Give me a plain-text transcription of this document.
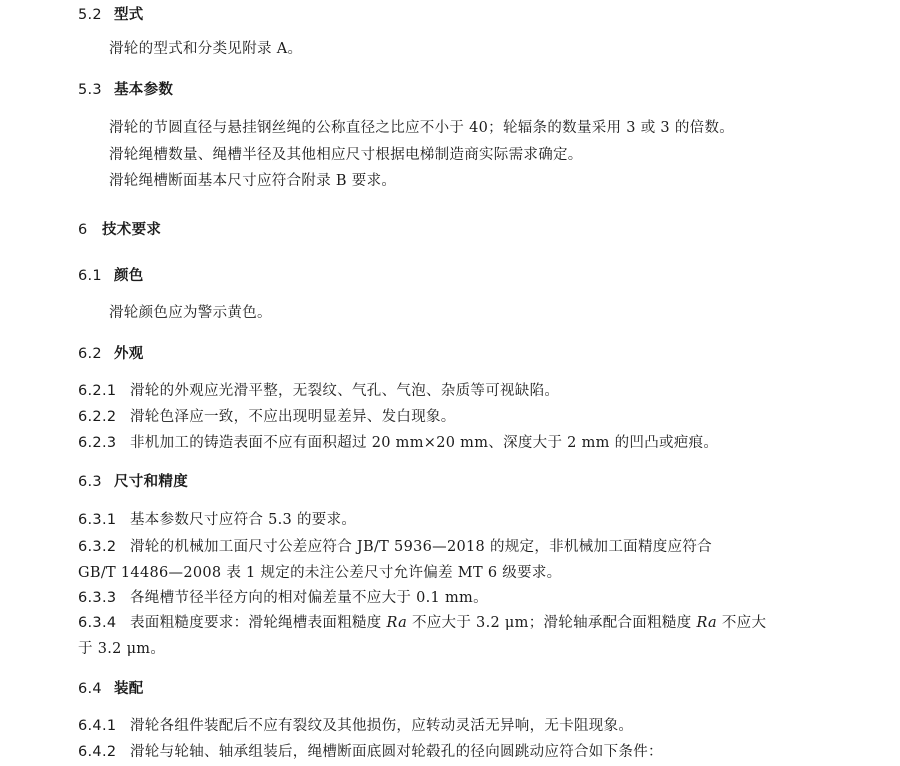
5.2 型式
滑轮的型式和分类见附录 A。
5.3 基本参数
滑轮的节圆直径与悬挂钢丝绳的公称直径之比应不小于 40；轮辐条的数量采用 3 或 3 的倍数。
滑轮绳槽数量、绳槽半径及其他相应尺寸根据电梯制造商实际需求确定。
滑轮绳槽断面基本尺寸应符合附录 B 要求。
6 技术要求
6.1 颜色
滑轮颜色应为警示黄色。
6.2 外观
6.2.1 滑轮的外观应光滑平整，无裂纹、气孔、气泡、杂质等可视缺陷。
6.2.2 滑轮色泽应一致，不应出现明显差异、发白现象。
6.2.3 非机加工的铸造表面不应有面积超过 20 mm×20 mm、深度大于 2 mm 的凹凸或疤痕。
6.3 尺寸和精度
6.3.1 基本参数尺寸应符合 5.3 的要求。
6.3.2 滑轮的机械加工面尺寸公差应符合 JB/T 5936—2018 的规定，非机械加工面精度应符合
GB/T 14486—2008 表 1 规定的未注公差尺寸允许偏差 MT 6 级要求。
6.3.3 各绳槽节径半径方向的相对偏差量不应大于 0.1 mm。
6.3.4 表面粗糙度要求：滑轮绳槽表面粗糙度 Ra 不应大于 3.2 μm；滑轮轴承配合面粗糙度 Ra 不应大
于 3.2 μm。
6.4 装配
6.4.1 滑轮各组件装配后不应有裂纹及其他损伤，应转动灵活无异响，无卡阻现象。
6.4.2 滑轮与轮轴、轴承组装后，绳槽断面底圆对轮毂孔的径向圆跳动应符合如下条件：
